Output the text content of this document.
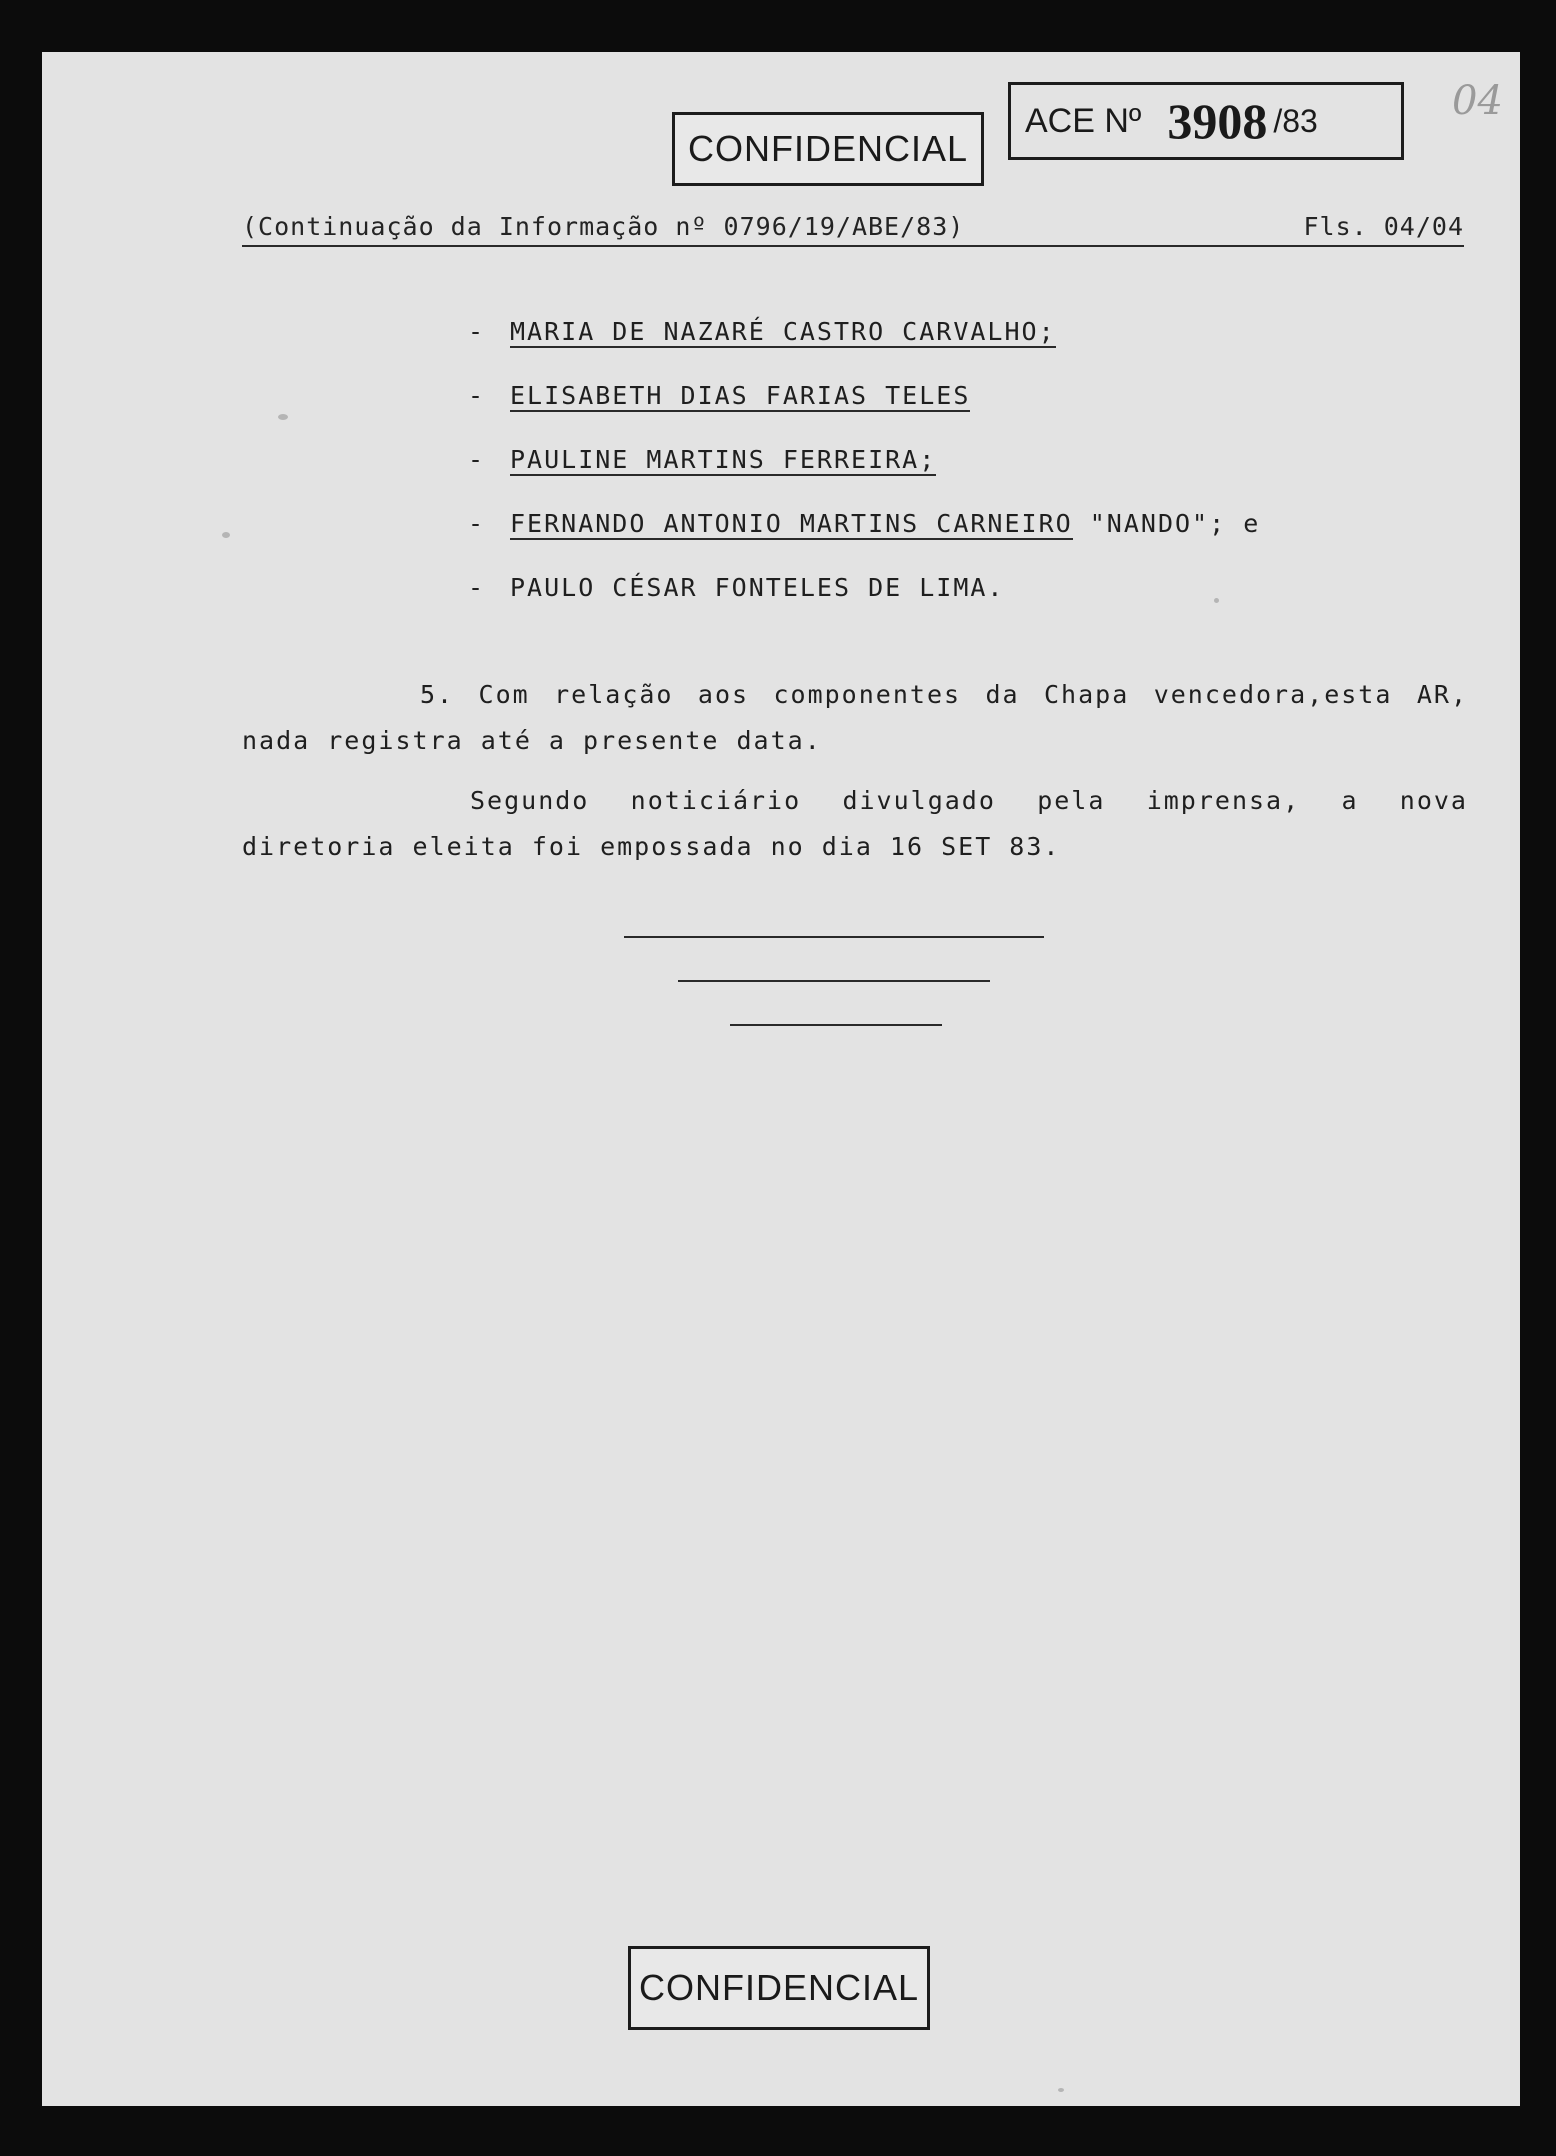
04
CONFIDENCIAL
ACE Nº 3908 /83
(Continuação da Informação nº 0796/19/ABE/83)	Fls. 04/04
- MARIA DE NAZARÉ CASTRO CARVALHO;
- ELISABETH DIAS FARIAS TELES
- PAULINE MARTINS FERREIRA;
- FERNANDO ANTONIO MARTINS CARNEIRO "NANDO"; e
- PAULO CÉSAR FONTELES DE LIMA.
5. Com relação aos componentes da Chapa vencedora,esta AR, nada registra até a presente data.
Segundo noticiário divulgado pela imprensa, a nova diretoria eleita foi empossada no dia 16 SET 83.
CONFIDENCIAL
